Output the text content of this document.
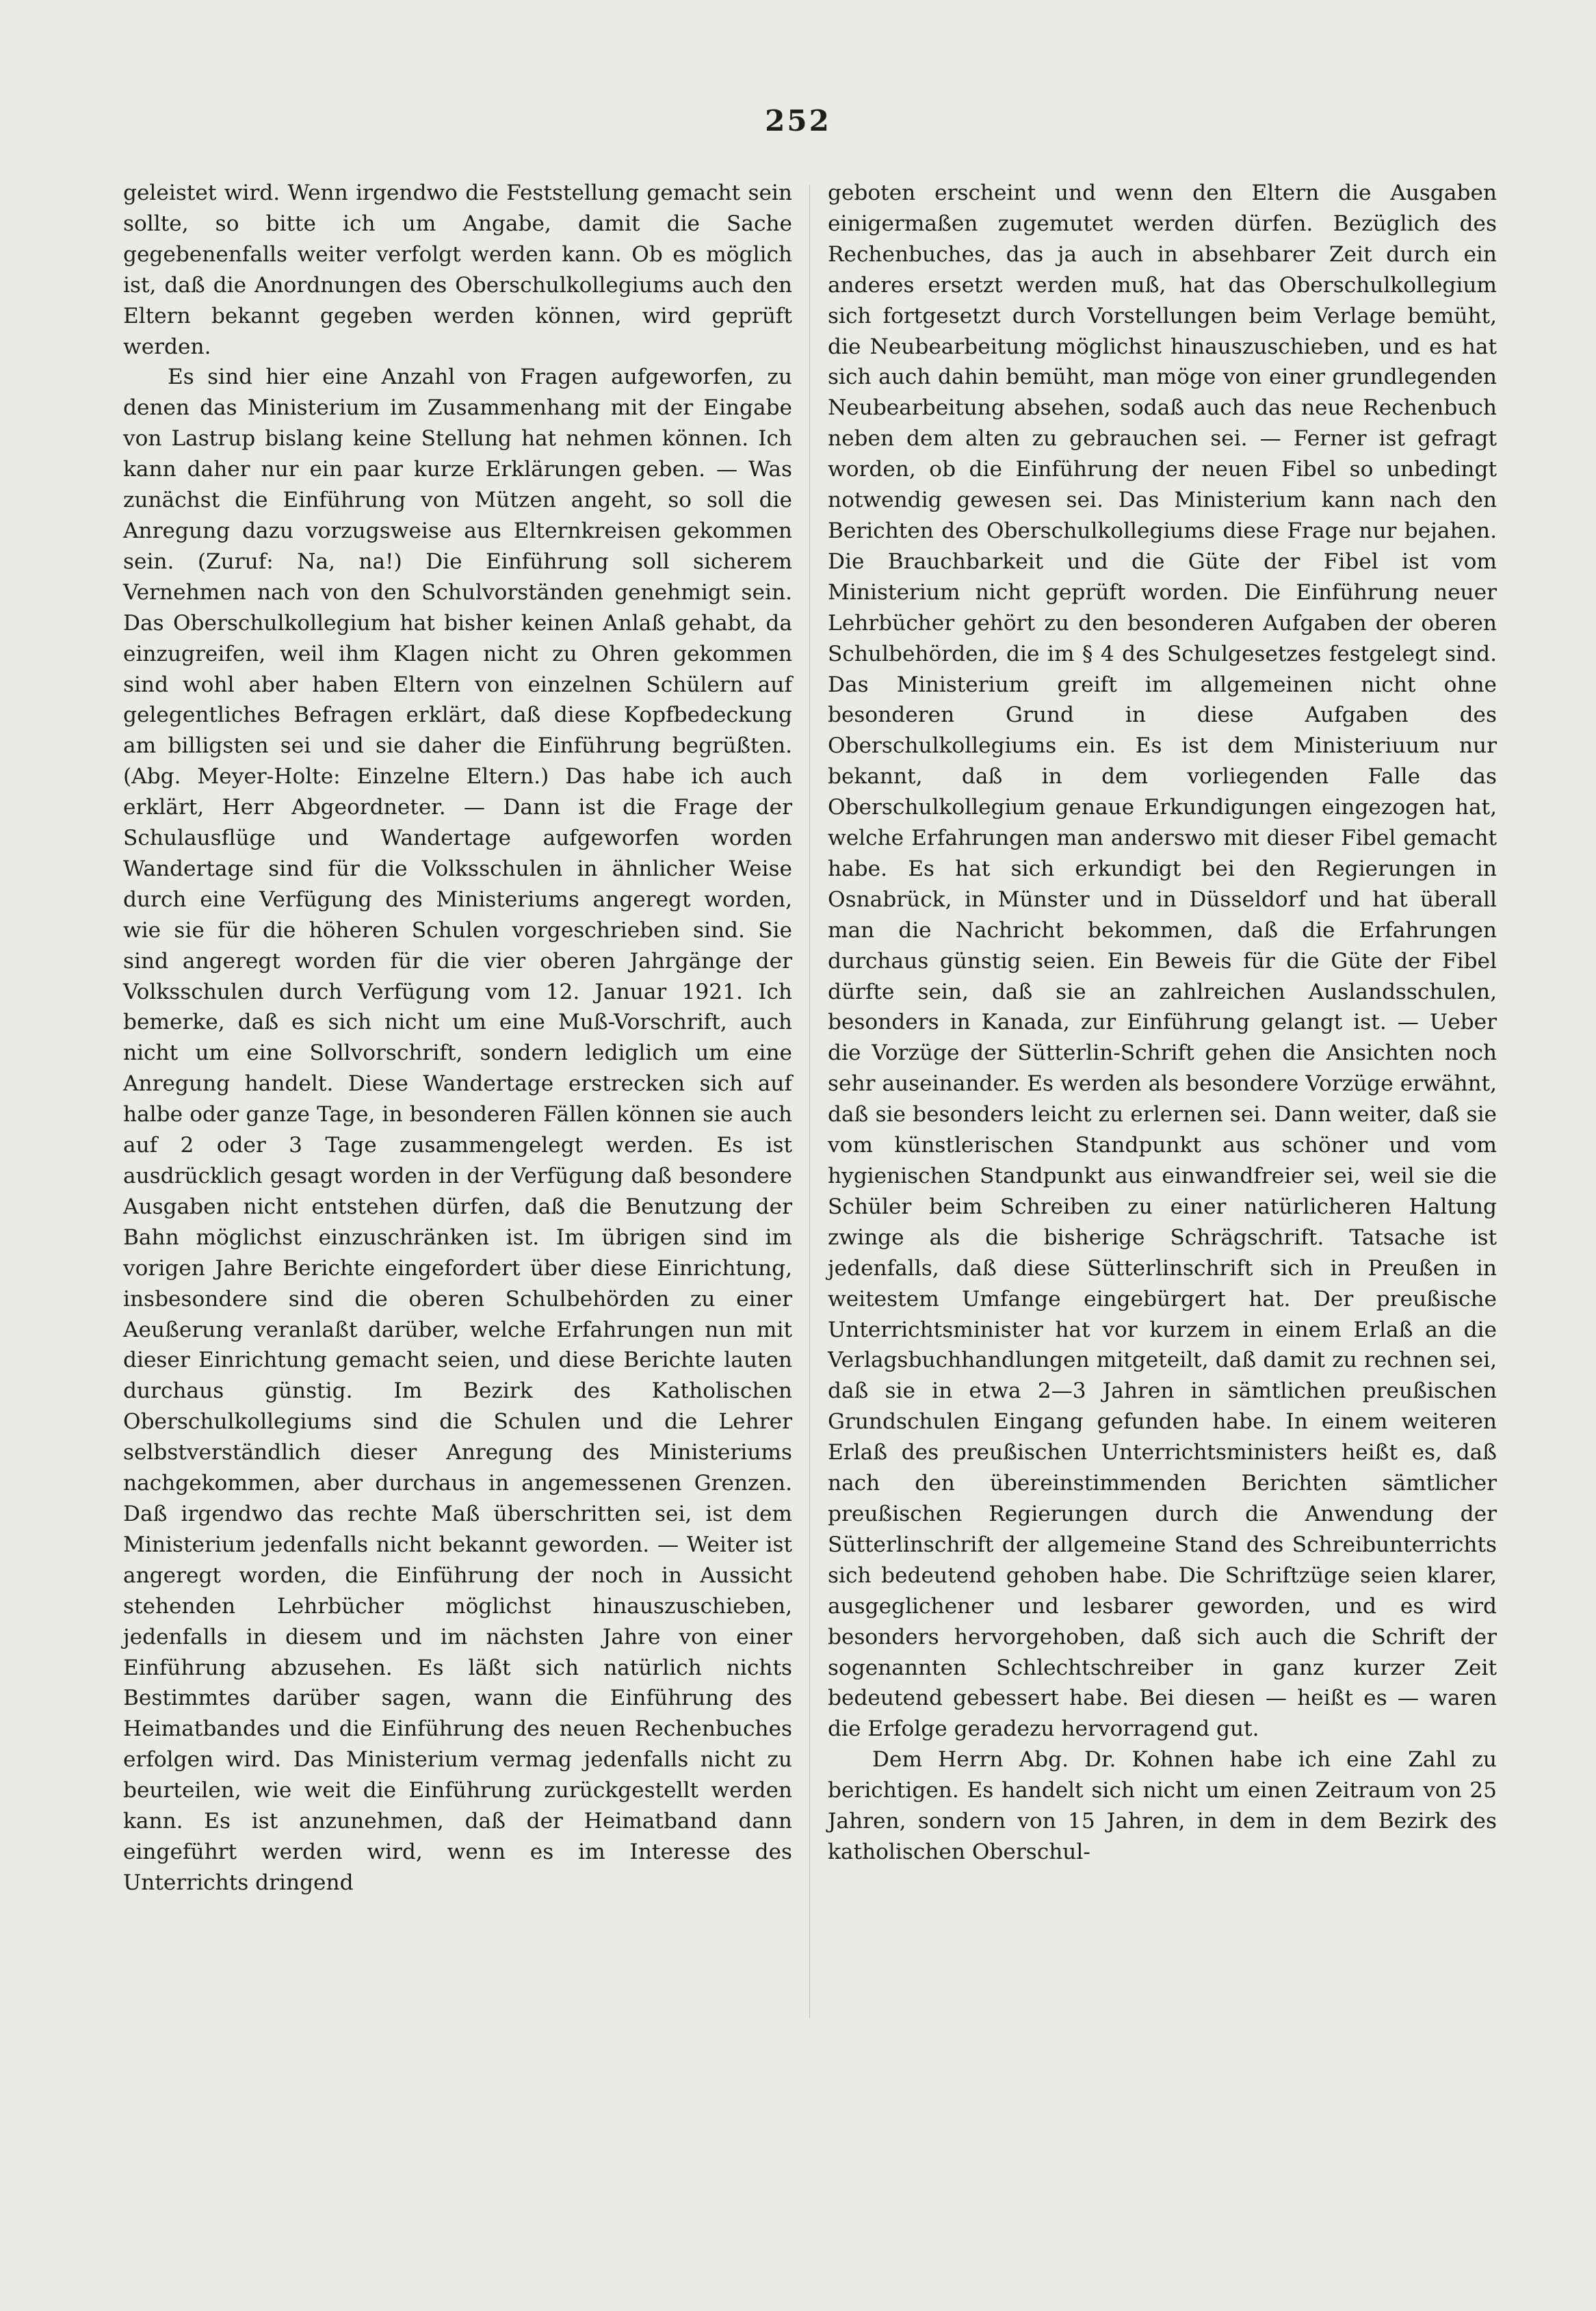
252

geleistet wird. Wenn irgendwo die Feststellung gemacht sein sollte, so bitte ich um Angabe, damit die Sache gegebenenfalls weiter verfolgt werden kann. Ob es möglich ist, daß die Anordnungen des Oberschulkollegiums auch den Eltern bekannt gegeben werden können, wird geprüft werden.

Es sind hier eine Anzahl von Fragen aufgeworfen, zu denen das Ministerium im Zusammenhang mit der Eingabe von Lastrup bislang keine Stellung hat nehmen können. Ich kann daher nur ein paar kurze Erklärungen geben. — Was zunächst die Einführung von Mützen angeht, so soll die Anregung dazu vorzugsweise aus Elternkreisen gekommen sein. (Zuruf: Na, na!) Die Einführung soll sicherem Vernehmen nach von den Schulvorständen genehmigt sein. Das Oberschulkollegium hat bisher keinen Anlaß gehabt, da einzugreifen, weil ihm Klagen nicht zu Ohren gekommen sind wohl aber haben Eltern von einzelnen Schülern auf gelegentliches Befragen erklärt, daß diese Kopfbedeckung am billigsten sei und sie daher die Einführung begrüßten. (Abg. Meyer-Holte: Einzelne Eltern.) Das habe ich auch erklärt, Herr Abgeordneter. — Dann ist die Frage der Schulausflüge und Wandertage aufgeworfen worden Wandertage sind für die Volksschulen in ähnlicher Weise durch eine Verfügung des Ministeriums angeregt worden, wie sie für die höheren Schulen vorgeschrieben sind. Sie sind angeregt worden für die vier oberen Jahrgänge der Volksschulen durch Verfügung vom 12. Januar 1921. Ich bemerke, daß es sich nicht um eine Muß-Vorschrift, auch nicht um eine Sollvorschrift, sondern lediglich um eine Anregung handelt. Diese Wandertage erstrecken sich auf halbe oder ganze Tage, in besonderen Fällen können sie auch auf 2 oder 3 Tage zusammengelegt werden. Es ist ausdrücklich gesagt worden in der Verfügung daß besondere Ausgaben nicht entstehen dürfen, daß die Benutzung der Bahn möglichst einzuschränken ist. Im übrigen sind im vorigen Jahre Berichte eingefordert über diese Einrichtung, insbesondere sind die oberen Schulbehörden zu einer Aeußerung veranlaßt darüber, welche Erfahrungen nun mit dieser Einrichtung gemacht seien, und diese Berichte lauten durchaus günstig. Im Bezirk des Katholischen Oberschulkollegiums sind die Schulen und die Lehrer selbstverständlich dieser Anregung des Ministeriums nachgekommen, aber durchaus in angemessenen Grenzen. Daß irgendwo das rechte Maß überschritten sei, ist dem Ministerium jedenfalls nicht bekannt geworden. — Weiter ist angeregt worden, die Einführung der noch in Aussicht stehenden Lehrbücher möglichst hinauszuschieben, jedenfalls in diesem und im nächsten Jahre von einer Einführung abzusehen. Es läßt sich natürlich nichts Bestimmtes darüber sagen, wann die Einführung des Heimatbandes und die Einführung des neuen Rechenbuches erfolgen wird. Das Ministerium vermag jedenfalls nicht zu beurteilen, wie weit die Einführung zurückgestellt werden kann. Es ist anzunehmen, daß der Heimatband dann eingeführt werden wird, wenn es im Interesse des Unterrichts dringend

geboten erscheint und wenn den Eltern die Ausgaben einigermaßen zugemutet werden dürfen. Bezüglich des Rechenbuches, das ja auch in absehbarer Zeit durch ein anderes ersetzt werden muß, hat das Oberschulkollegium sich fortgesetzt durch Vorstellungen beim Verlage bemüht, die Neubearbeitung möglichst hinauszuschieben, und es hat sich auch dahin bemüht, man möge von einer grundlegenden Neubearbeitung absehen, sodaß auch das neue Rechenbuch neben dem alten zu gebrauchen sei. — Ferner ist gefragt worden, ob die Einführung der neuen Fibel so unbedingt notwendig gewesen sei. Das Ministerium kann nach den Berichten des Oberschulkollegiums diese Frage nur bejahen. Die Brauchbarkeit und die Güte der Fibel ist vom Ministerium nicht geprüft worden. Die Einführung neuer Lehrbücher gehört zu den besonderen Aufgaben der oberen Schulbehörden, die im § 4 des Schulgesetzes festgelegt sind. Das Ministerium greift im allgemeinen nicht ohne besonderen Grund in diese Aufgaben des Oberschulkollegiums ein. Es ist dem Ministeriuum nur bekannt, daß in dem vorliegenden Falle das Oberschulkollegium genaue Erkundigungen eingezogen hat, welche Erfahrungen man anderswo mit dieser Fibel gemacht habe. Es hat sich erkundigt bei den Regierungen in Osnabrück, in Münster und in Düsseldorf und hat überall man die Nachricht bekommen, daß die Erfahrungen durchaus günstig seien. Ein Beweis für die Güte der Fibel dürfte sein, daß sie an zahlreichen Auslandsschulen, besonders in Kanada, zur Einführung gelangt ist. — Ueber die Vorzüge der Sütterlin-Schrift gehen die Ansichten noch sehr auseinander. Es werden als besondere Vorzüge erwähnt, daß sie besonders leicht zu erlernen sei. Dann weiter, daß sie vom künstlerischen Standpunkt aus schöner und vom hygienischen Standpunkt aus einwandfreier sei, weil sie die Schüler beim Schreiben zu einer natürlicheren Haltung zwinge als die bisherige Schrägschrift. Tatsache ist jedenfalls, daß diese Sütterlinschrift sich in Preußen in weitestem Umfange eingebürgert hat. Der preußische Unterrichtsminister hat vor kurzem in einem Erlaß an die Verlagsbuchhandlungen mitgeteilt, daß damit zu rechnen sei, daß sie in etwa 2—3 Jahren in sämtlichen preußischen Grundschulen Eingang gefunden habe. In einem weiteren Erlaß des preußischen Unterrichtsministers heißt es, daß nach den übereinstimmenden Berichten sämtlicher preußischen Regierungen durch die Anwendung der Sütterlinschrift der allgemeine Stand des Schreibunterrichts sich bedeutend gehoben habe. Die Schriftzüge seien klarer, ausgeglichener und lesbarer geworden, und es wird besonders hervorgehoben, daß sich auch die Schrift der sogenannten Schlechtschreiber in ganz kurzer Zeit bedeutend gebessert habe. Bei diesen — heißt es — waren die Erfolge geradezu hervorragend gut.

Dem Herrn Abg. Dr. Kohnen habe ich eine Zahl zu berichtigen. Es handelt sich nicht um einen Zeitraum von 25 Jahren, sondern von 15 Jahren, in dem in dem Bezirk des katholischen Oberschul-
